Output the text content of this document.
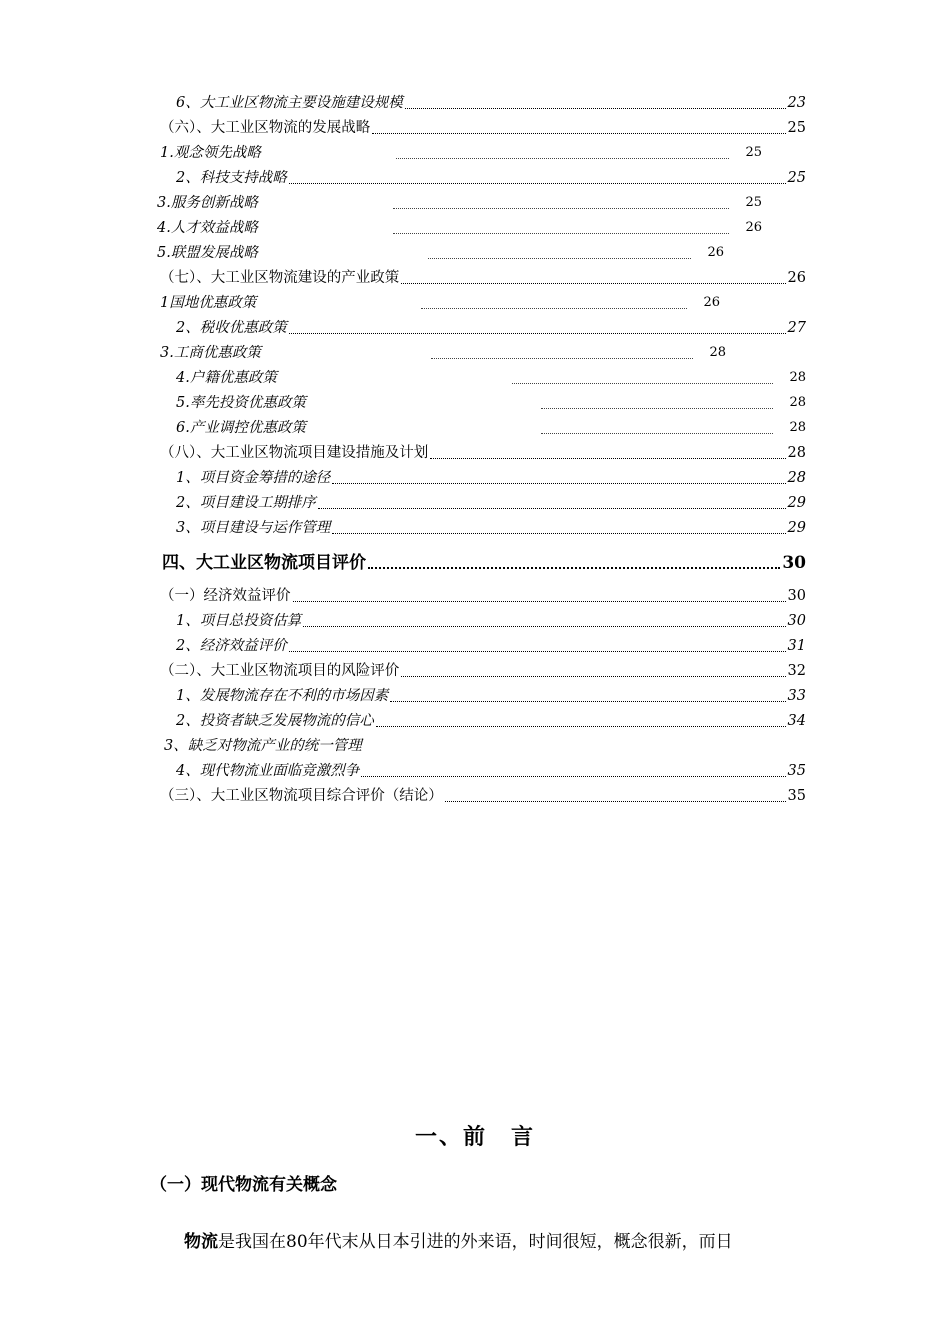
6、大工业区物流主要设施建设规模	23
（六）、大工业区物流的发展战略	25
1.观念领先战略	25
2、科技支持战略	25
3.服务创新战略	25
4.人才效益战略	26
5.联盟发展战略	26
（七）、大工业区物流建设的产业政策	26
1国地优惠政策	26
2、税收优惠政策	27
3.工商优惠政策	28
4.户籍优惠政策	28
5.率先投资优惠政策	28
6.产业调控优惠政策	28
（八）、大工业区物流项目建设措施及计划	28
1、项目资金筹措的途径	28
2、项目建设工期排序	29
3、项目建设与运作管理	29
四、大工业区物流项目评价	30
（一）经济效益评价	30
1、项目总投资估算	30
2、经济效益评价	31
（二）、大工业区物流项目的风险评价	32
1、发展物流存在不利的市场因素	33
2、投资者缺乏发展物流的信心	34
3、缺乏对物流产业的统一管理
4、现代物流业面临竞激烈争	35
（三）、大工业区物流项目综合评价（结论）	35
一、前　言
（一）现代物流有关概念
物流是我国在80年代末从日本引进的外来语，时间很短，概念很新，而日
